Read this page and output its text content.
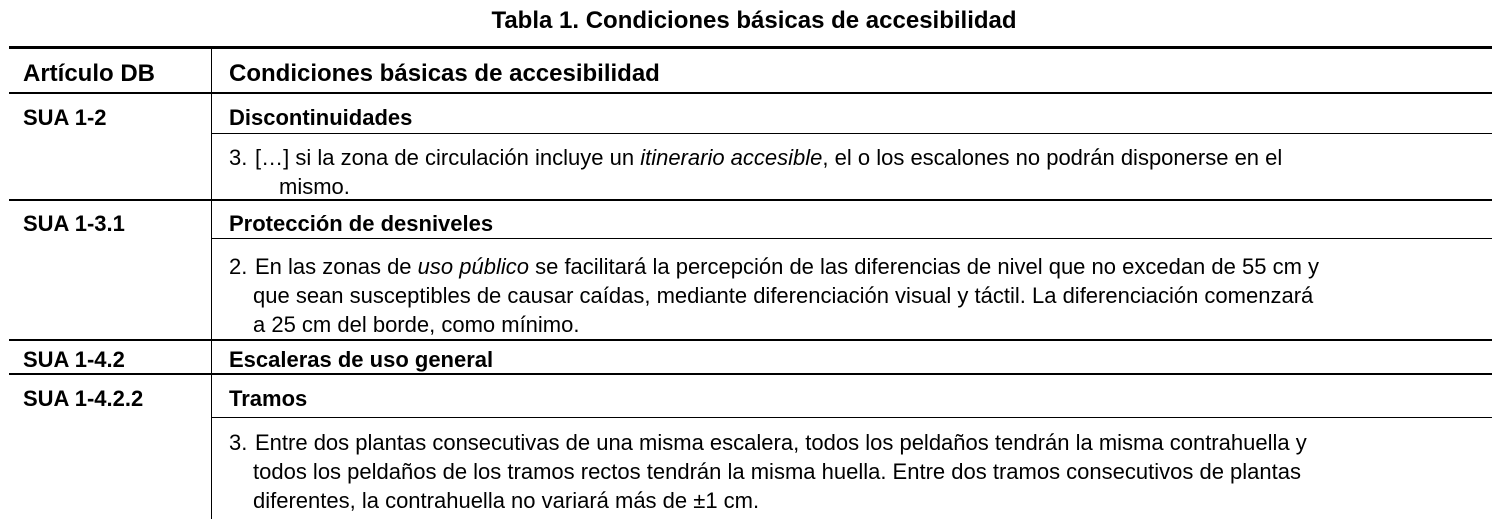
Tabla 1. Condiciones básicas de accesibilidad
Artículo DB	Condiciones básicas de accesibilidad
SUA 1-2	Discontinuidades
3. […] si la zona de circulación incluye un itinerario accesible, el o los escalones no podrán disponerse en el
mismo.
SUA 1-3.1	Protección de desniveles
2. En las zonas de uso público se facilitará la percepción de las diferencias de nivel que no excedan de 55 cm y
que sean susceptibles de causar caídas, mediante diferenciación visual y táctil. La diferenciación comenzará
a 25 cm del borde, como mínimo.
SUA 1-4.2	Escaleras de uso general
SUA 1-4.2.2	Tramos
3. Entre dos plantas consecutivas de una misma escalera, todos los peldaños tendrán la misma contrahuella y
todos los peldaños de los tramos rectos tendrán la misma huella. Entre dos tramos consecutivos de plantas
diferentes, la contrahuella no variará más de ±1 cm.
